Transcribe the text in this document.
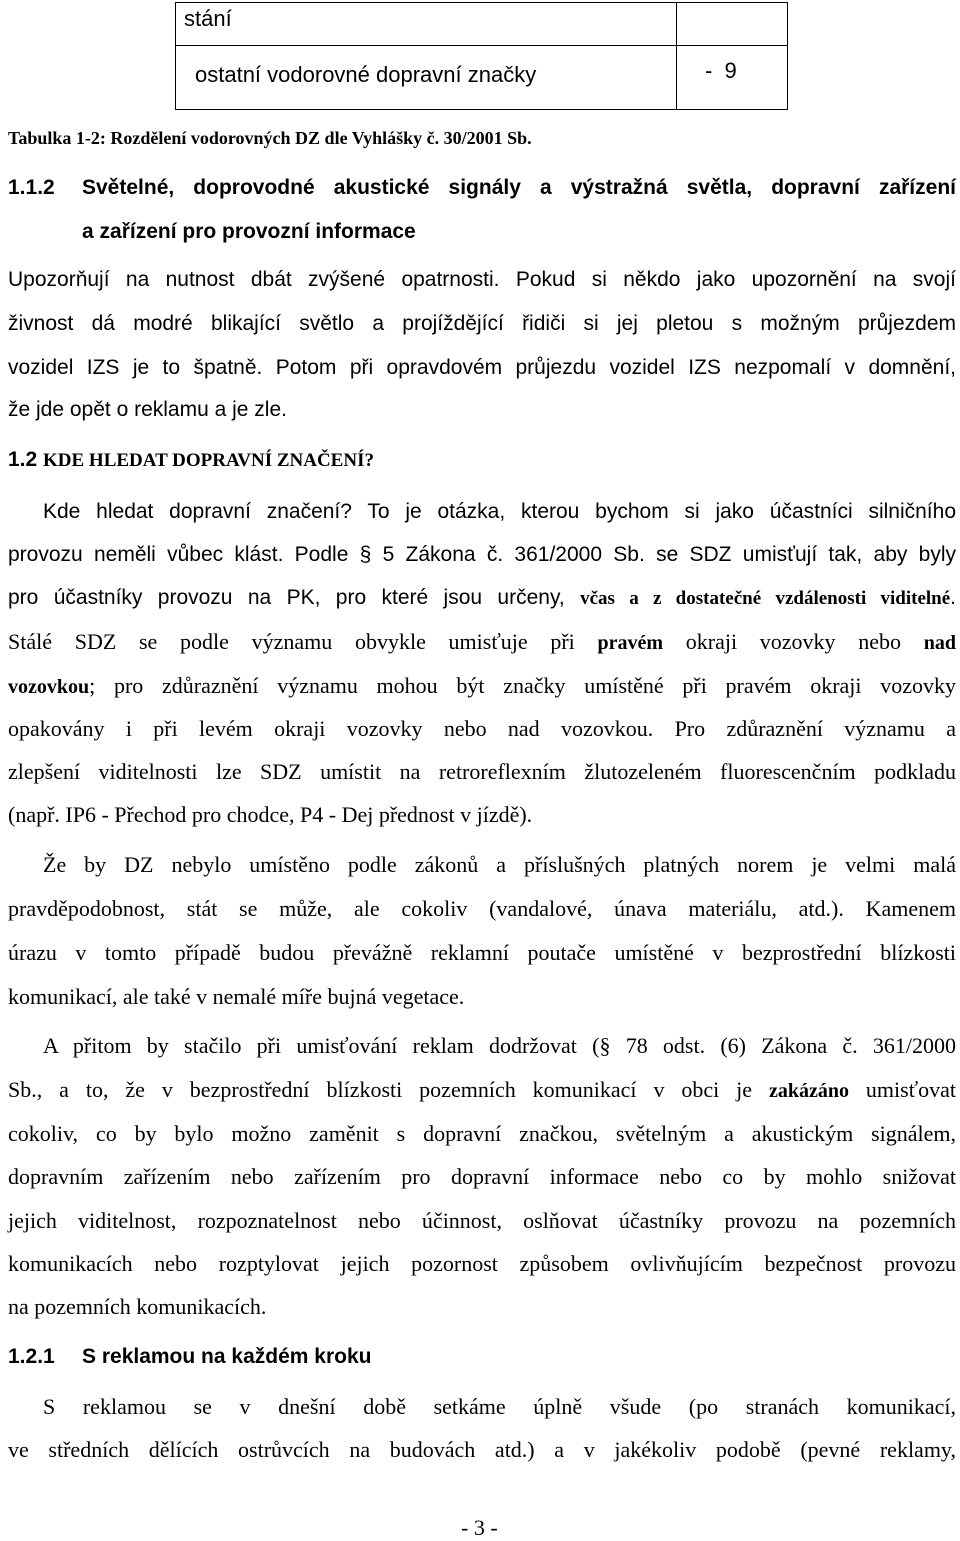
stání
ostatní vodorovné dopravní značky	-  9
Tabulka 1-2: Rozdělení vodorovných DZ dle Vyhlášky č. 30/2001 Sb.
1.1.2 Světelné, doprovodné akustické signály a výstražná světla, dopravní zařízení
a zařízení pro provozní informace
Upozorňují na nutnost dbát zvýšené opatrnosti. Pokud si někdo jako upozornění na svojí
živnost dá modré blikající světlo a projíždějící řidiči si jej pletou s možným průjezdem
vozidel IZS je to špatně. Potom při opravdovém průjezdu vozidel IZS nezpomalí v domnění,
že jde opět o reklamu a je zle.
1.2 KDE HLEDAT DOPRAVNÍ ZNAČENÍ?
Kde hledat dopravní značení? To je otázka, kterou bychom si jako účastníci silničního
provozu neměli vůbec klást. Podle § 5 Zákona č. 361/2000 Sb. se SDZ umisťují tak, aby byly
pro účastníky provozu na PK, pro které jsou určeny, včas a z dostatečné vzdálenosti viditelné.
Stálé SDZ se podle významu obvykle umisťuje při pravém okraji vozovky nebo nad
vozovkou; pro zdůraznění významu mohou být značky umístěné při pravém okraji vozovky
opakovány i při levém okraji vozovky nebo nad vozovkou. Pro zdůraznění významu a
zlepšení viditelnosti lze SDZ umístit na retroreflexním žlutozeleném fluorescenčním podkladu
(např. IP6 - Přechod pro chodce, P4 - Dej přednost v jízdě).
Že by DZ nebylo umístěno podle zákonů a příslušných platných norem je velmi malá
pravděpodobnost, stát se může, ale cokoliv (vandalové, únava materiálu, atd.). Kamenem
úrazu v tomto případě budou převážně reklamní poutače umístěné v bezprostřední blízkosti
komunikací, ale také v nemalé míře bujná vegetace.
A přitom by stačilo při umisťování reklam dodržovat (§ 78 odst. (6) Zákona č. 361/2000
Sb., a to, že v bezprostřední blízkosti pozemních komunikací v obci je zakázáno umisťovat
cokoliv, co by bylo možno zaměnit s dopravní značkou, světelným a akustickým signálem,
dopravním zařízením nebo zařízením pro dopravní informace nebo co by mohlo snižovat
jejich viditelnost, rozpoznatelnost nebo účinnost, oslňovat účastníky provozu na pozemních
komunikacích nebo rozptylovat jejich pozornost způsobem ovlivňujícím bezpečnost provozu
na pozemních komunikacích.
1.2.1 S reklamou na každém kroku
S reklamou se v dnešní době setkáme úplně všude (po stranách komunikací,
ve středních dělících ostrůvcích na budovách atd.) a v jakékoliv podobě (pevné reklamy,
- 3 -
